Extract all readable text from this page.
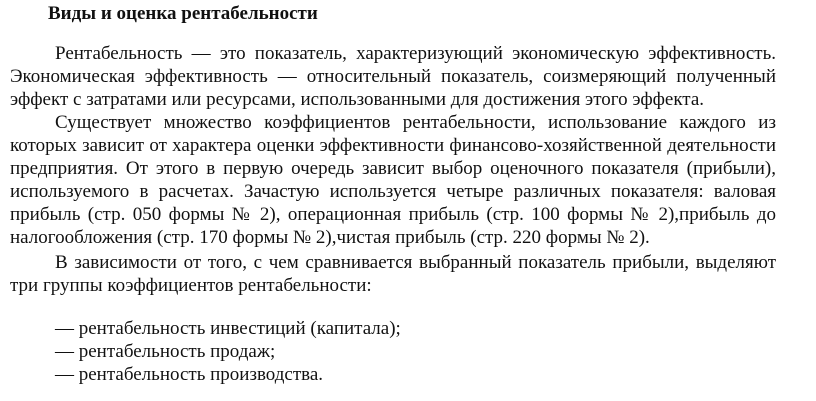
Виды и оценка рентабельности
Рентабельность — это показатель, характеризующий экономическую эффективность.
Экономическая эффективность — относительный показатель, соизмеряющий полученный
эффект с затратами или ресурсами, использованными для достижения этого эффекта.
Существует множество коэффициентов рентабельности, использование каждого из
которых зависит от характера оценки эффективности финансово-хозяйственной деятельности
предприятия. От этого в первую очередь зависит выбор оценочного показателя (прибыли),
используемого в расчетах. Зачастую используется четыре различных показателя: валовая
прибыль (стр. 050 формы № 2), операционная прибыль (стр. 100 формы № 2),прибыль до
налогообложения (стр. 170 формы № 2),чистая прибыль (стр. 220 формы № 2).
В зависимости от того, с чем сравнивается выбранный показатель прибыли, выделяют
три группы коэффициентов рентабельности:
— рентабельность инвестиций (капитала);
— рентабельность продаж;
— рентабельность производства.
